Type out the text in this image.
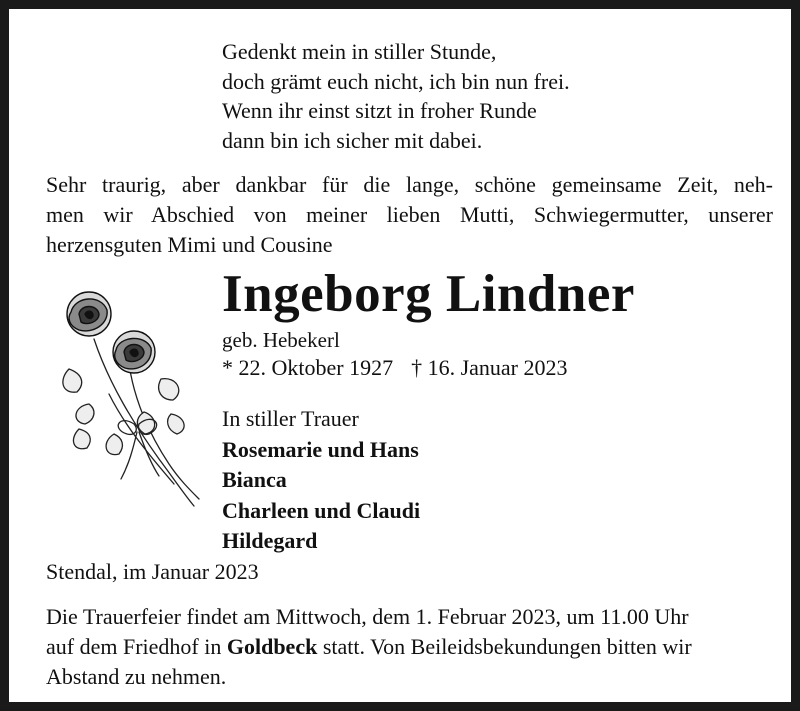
Gedenkt mein in stiller Stunde,
doch grämt euch nicht, ich bin nun frei.
Wenn ihr einst sitzt in froher Runde
dann bin ich sicher mit dabei.
Sehr traurig, aber dankbar für die lange, schöne gemeinsame Zeit, neh-
men wir Abschied von meiner lieben Mutti, Schwiegermutter, unserer
herzensguten Mimi und Cousine
Ingeborg Lindner
geb. Hebekerl
* 22. Oktober 1927 † 16. Januar 2023
In stiller Trauer
Rosemarie und Hans
Bianca
Charleen und Claudi
Hildegard
Stendal, im Januar 2023
Die Trauerfeier findet am Mittwoch, dem 1. Februar 2023, um 11.00 Uhr
auf dem Friedhof in Goldbeck statt. Von Beileidsbekundungen bitten wir
Abstand zu nehmen.
